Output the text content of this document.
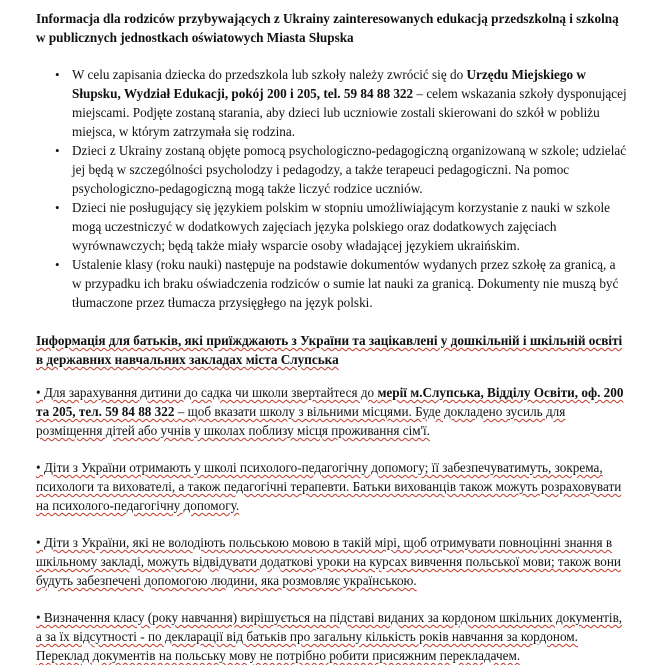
Informacja dla rodziców przybywających z Ukrainy zainteresowanych edukacją przedszkolną i szkolną w publicznych jednostkach oświatowych Miasta Słupska
• W celu zapisania dziecka do przedszkola lub szkoły należy zwrócić się do Urzędu Miejskiego w Słupsku, Wydział Edukacji, pokój 200 i 205, tel. 59 84 88 322 – celem wskazania szkoły dysponującej miejscami. Podjęte zostaną starania, aby dzieci lub uczniowie zostali skierowani do szkół w pobliżu miejsca, w którym zatrzymała się rodzina.
• Dzieci z Ukrainy zostaną objęte pomocą psychologiczno-pedagogiczną organizowaną w szkole; udzielać jej będą w szczególności psycholodzy i pedagodzy, a także terapeuci pedagogiczni. Na pomoc psychologiczno-pedagogiczną mogą także liczyć rodzice uczniów.
• Dzieci nie posługujący się językiem polskim w stopniu umożliwiającym korzystanie z nauki w szkole mogą uczestniczyć w dodatkowych zajęciach języka polskiego oraz dodatkowych zajęciach wyrównawczych; będą także miały wsparcie osoby władającej językiem ukraińskim.
• Ustalenie klasy (roku nauki) następuje na podstawie dokumentów wydanych przez szkołę za granicą, a w przypadku ich braku oświadczenia rodziców o sumie lat nauki za granicą. Dokumenty nie muszą być tłumaczone przez tłumacza przysięgłego na język polski.
Інформація для батьків, які приїжджають з України та зацікавлені у дошкільній і шкільній освіті в державних навчальних закладах міста Слупська
• Для зарахування дитини до садка чи школи звертайтеся до мерії м.Слупська, Відділу Освіти, оф. 200 та 205, тел. 59 84 88 322 – щоб вказати школу з вільними місцями. Буде докладено зусиль для розміщення дітей або учнів у школах поблизу місця проживання сім'ї.
• Діти з України отримають у школі психолого-педагогічну допомогу; її забезпечуватимуть, зокрема, психологи та вихователі, а також педагогічні терапевти. Батьки вихованців також можуть розраховувати на психолого-педагогічну допомогу.
• Діти з України, які не володіють польською мовою в такій мірі, щоб отримувати повноцінні знання в шкільному закладі, можуть відвідувати додаткові уроки на курсах вивчення польської мови; також вони будуть забезпечені допомогою людини, яка розмовляє українською.
• Визначення класу (року навчання) вирішується на підставі виданих за кордоном шкільних документів, а за їх відсутності - по декларації від батьків про загальну кількість років навчання за кордоном. Переклад документів на польську мову не потрібно робити присяжним перекладачем.
